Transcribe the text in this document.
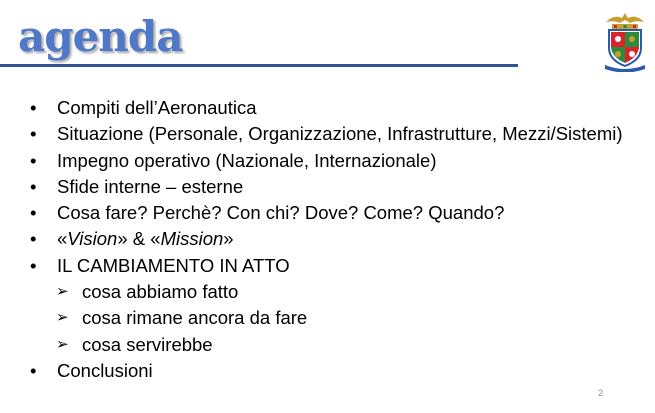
agenda
•	Compiti dell’Aeronautica
•	Situazione (Personale, Organizzazione, Infrastrutture, Mezzi/Sistemi)
•	Impegno operativo (Nazionale, Internazionale)
•	Sfide interne – esterne
•	Cosa fare? Perchè? Con chi? Dove? Come? Quando?
•	«Vision» & «Mission»
•	IL CAMBIAMENTO IN ATTO
➢ cosa abbiamo fatto
➢ cosa rimane ancora da fare
➢ cosa servirebbe
•	Conclusioni
2
